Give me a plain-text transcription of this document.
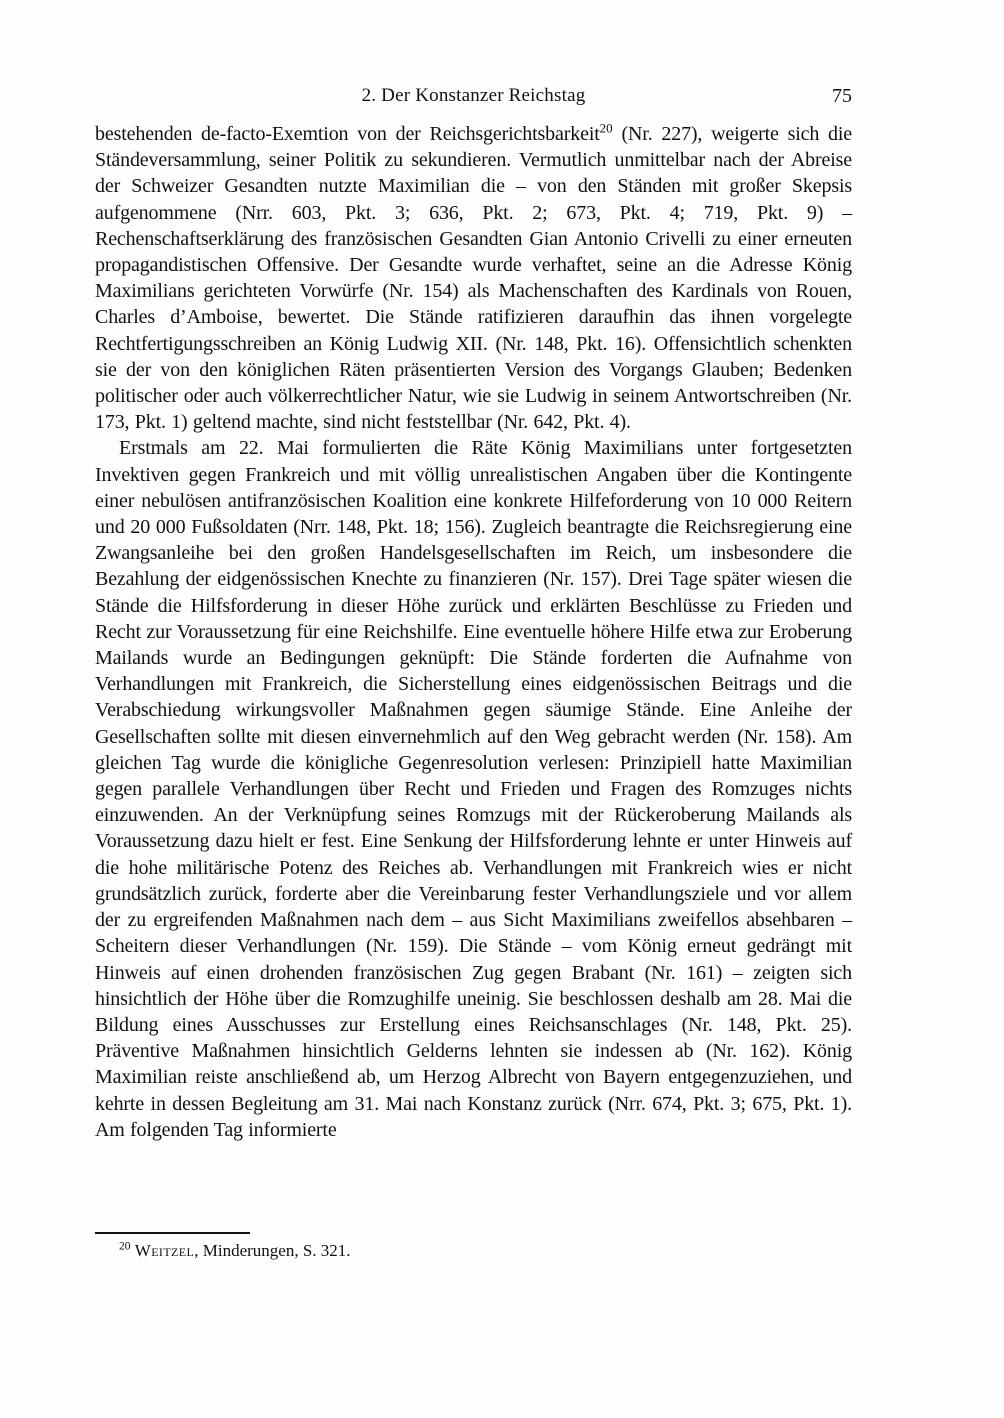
2. Der Konstanzer Reichstag	75

bestehenden de-facto-Exemtion von der Reichsgerichtsbarkeit$^{20}$ (Nr. 227), weigerte sich die Ständeversammlung, seiner Politik zu sekundieren. Vermutlich unmittelbar nach der Abreise der Schweizer Gesandten nutzte Maximilian die – von den Ständen mit großer Skepsis aufgenommene (Nrr. 603, Pkt. 3; 636, Pkt. 2; 673, Pkt. 4; 719, Pkt. 9) – Rechenschaftserklärung des französischen Gesandten Gian Antonio Crivelli zu einer erneuten propagandistischen Offensive. Der Gesandte wurde verhaftet, seine an die Adresse König Maximilians gerichteten Vorwürfe (Nr. 154) als Machenschaften des Kardinals von Rouen, Charles d’Amboise, bewertet. Die Stände ratifizieren daraufhin das ihnen vorgelegte Rechtfertigungsschreiben an König Ludwig XII. (Nr. 148, Pkt. 16). Offensichtlich schenkten sie der von den königlichen Räten präsentierten Version des Vorgangs Glauben; Bedenken politischer oder auch völkerrechtlicher Natur, wie sie Ludwig in seinem Antwortschreiben (Nr. 173, Pkt. 1) geltend machte, sind nicht feststellbar (Nr. 642, Pkt. 4).

Erstmals am 22. Mai formulierten die Räte König Maximilians unter fortgesetzten Invektiven gegen Frankreich und mit völlig unrealistischen Angaben über die Kontingente einer nebulösen antifranzösischen Koalition eine konkrete Hilfeforderung von 10 000 Reitern und 20 000 Fußsoldaten (Nrr. 148, Pkt. 18; 156). Zugleich beantragte die Reichsregierung eine Zwangsanleihe bei den großen Handelsgesellschaften im Reich, um insbesondere die Bezahlung der eidgenössischen Knechte zu finanzieren (Nr. 157). Drei Tage später wiesen die Stände die Hilfsforderung in dieser Höhe zurück und erklärten Beschlüsse zu Frieden und Recht zur Voraussetzung für eine Reichshilfe. Eine eventuelle höhere Hilfe etwa zur Eroberung Mailands wurde an Bedingungen geknüpft: Die Stände forderten die Aufnahme von Verhandlungen mit Frankreich, die Sicherstellung eines eidgenössischen Beitrags und die Verabschiedung wirkungsvoller Maßnahmen gegen säumige Stände. Eine Anleihe der Gesellschaften sollte mit diesen einvernehmlich auf den Weg gebracht werden (Nr. 158). Am gleichen Tag wurde die königliche Gegenresolution verlesen: Prinzipiell hatte Maximilian gegen parallele Verhandlungen über Recht und Frieden und Fragen des Romzuges nichts einzuwenden. An der Verknüpfung seines Romzugs mit der Rückeroberung Mailands als Voraussetzung dazu hielt er fest. Eine Senkung der Hilfsforderung lehnte er unter Hinweis auf die hohe militärische Potenz des Reiches ab. Verhandlungen mit Frankreich wies er nicht grundsätzlich zurück, forderte aber die Vereinbarung fester Verhandlungsziele und vor allem der zu ergreifenden Maßnahmen nach dem – aus Sicht Maximilians zweifellos absehbaren – Scheitern dieser Verhandlungen (Nr. 159). Die Stände – vom König erneut gedrängt mit Hinweis auf einen drohenden französischen Zug gegen Brabant (Nr. 161) – zeigten sich hinsichtlich der Höhe über die Romzughilfe uneinig. Sie beschlossen deshalb am 28. Mai die Bildung eines Ausschusses zur Erstellung eines Reichsanschlages (Nr. 148, Pkt. 25). Präventive Maßnahmen hinsichtlich Gelderns lehnten sie indessen ab (Nr. 162). König Maximilian reiste anschließend ab, um Herzog Albrecht von Bayern entgegenzuziehen, und kehrte in dessen Begleitung am 31. Mai nach Konstanz zurück (Nrr. 674, Pkt. 3; 675, Pkt. 1). Am folgenden Tag informierte

$^{20}$ Weitzel, Minderungen, S. 321.
